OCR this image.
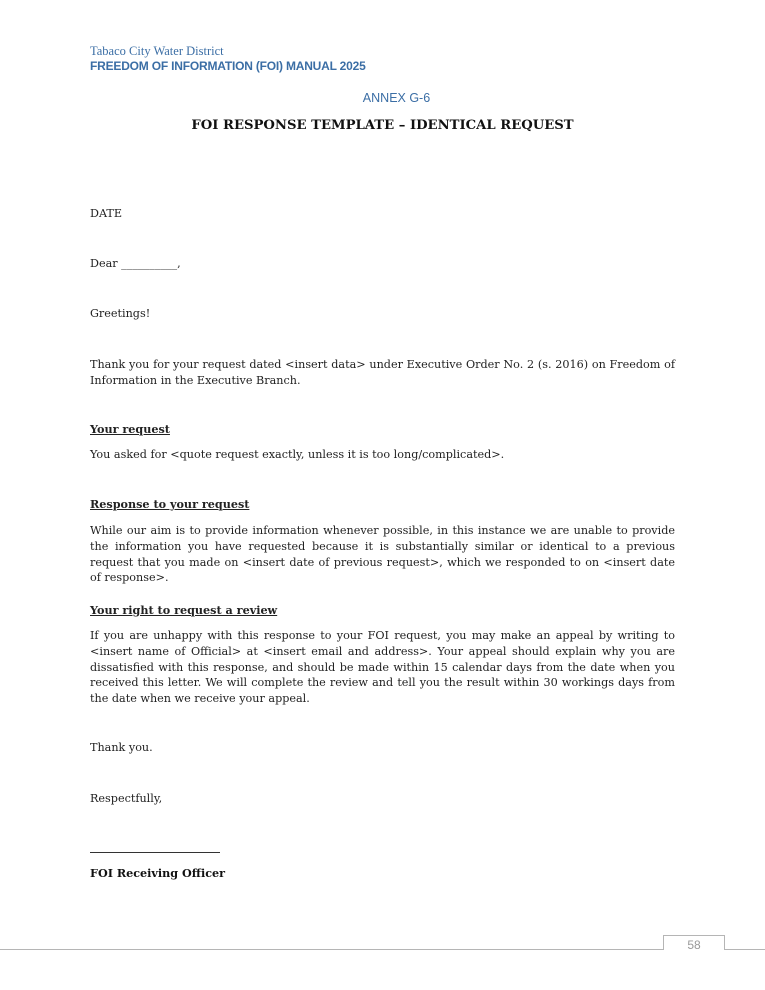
Tabaco City Water District
FREEDOM OF INFORMATION (FOI) MANUAL 2025
ANNEX G-6
FOI RESPONSE TEMPLATE – IDENTICAL REQUEST
DATE
Dear __________,
Greetings!
Thank you for your request dated <insert data> under Executive Order No. 2 (s. 2016) on Freedom of Information in the Executive Branch.
Your request
You asked for <quote request exactly, unless it is too long/complicated>.
Response to your request
While our aim is to provide information whenever possible, in this instance we are unable to provide the information you have requested because it is substantially similar or identical to a previous request that you made on <insert date of previous request>, which we responded to on <insert date of response>.
Your right to request a review
If you are unhappy with this response to your FOI request, you may make an appeal by writing to <insert name of Official> at <insert email and address>. Your appeal should explain why you are dissatisfied with this response, and should be made within 15 calendar days from the date when you received this letter. We will complete the review and tell you the result within 30 workings days from the date when we receive your appeal.
Thank you.
Respectfully,
FOI Receiving Officer
58
